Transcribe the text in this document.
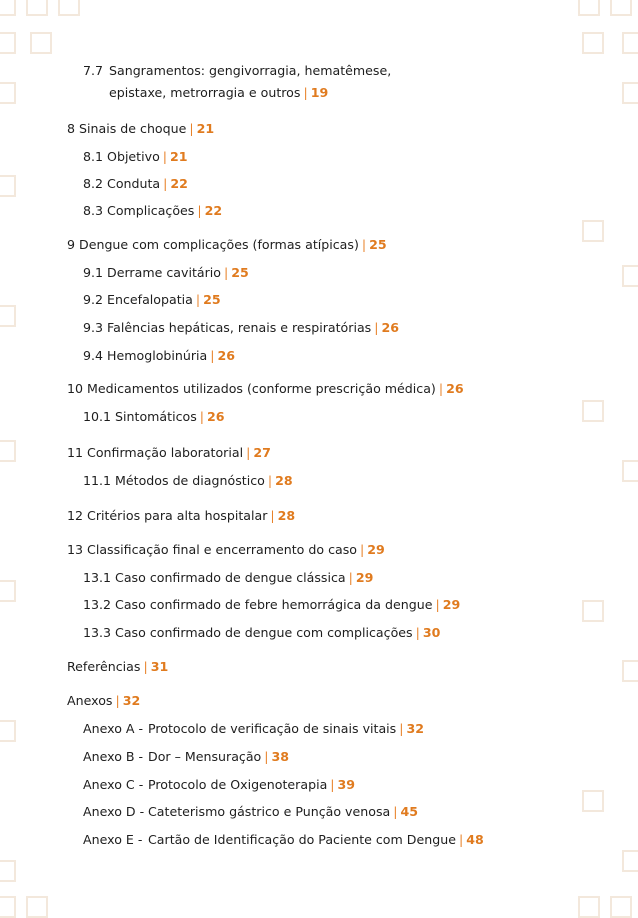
7.7 Sangramentos: gengivorragia, hematêmese,
epistaxe, metrorragia e outros | 19
8 Sinais de choque | 21
8.1 Objetivo | 21
8.2 Conduta | 22
8.3 Complicações | 22
9 Dengue com complicações (formas atípicas) | 25
9.1 Derrame cavitário | 25
9.2 Encefalopatia | 25
9.3 Falências hepáticas, renais e respiratórias | 26
9.4 Hemoglobinúria | 26
10 Medicamentos utilizados (conforme prescrição médica) | 26
10.1 Sintomáticos | 26
11 Confirmação laboratorial | 27
11.1 Métodos de diagnóstico | 28
12 Critérios para alta hospitalar | 28
13 Classificação final e encerramento do caso | 29
13.1 Caso confirmado de dengue clássica | 29
13.2 Caso confirmado de febre hemorrágica da dengue | 29
13.3 Caso confirmado de dengue com complicações | 30
Referências | 31
Anexos | 32
Anexo A - Protocolo de verificação de sinais vitais | 32
Anexo B - Dor – Mensuração | 38
Anexo C - Protocolo de Oxigenoterapia | 39
Anexo D - Cateterismo gástrico e Punção venosa | 45
Anexo E - Cartão de Identificação do Paciente com Dengue | 48
